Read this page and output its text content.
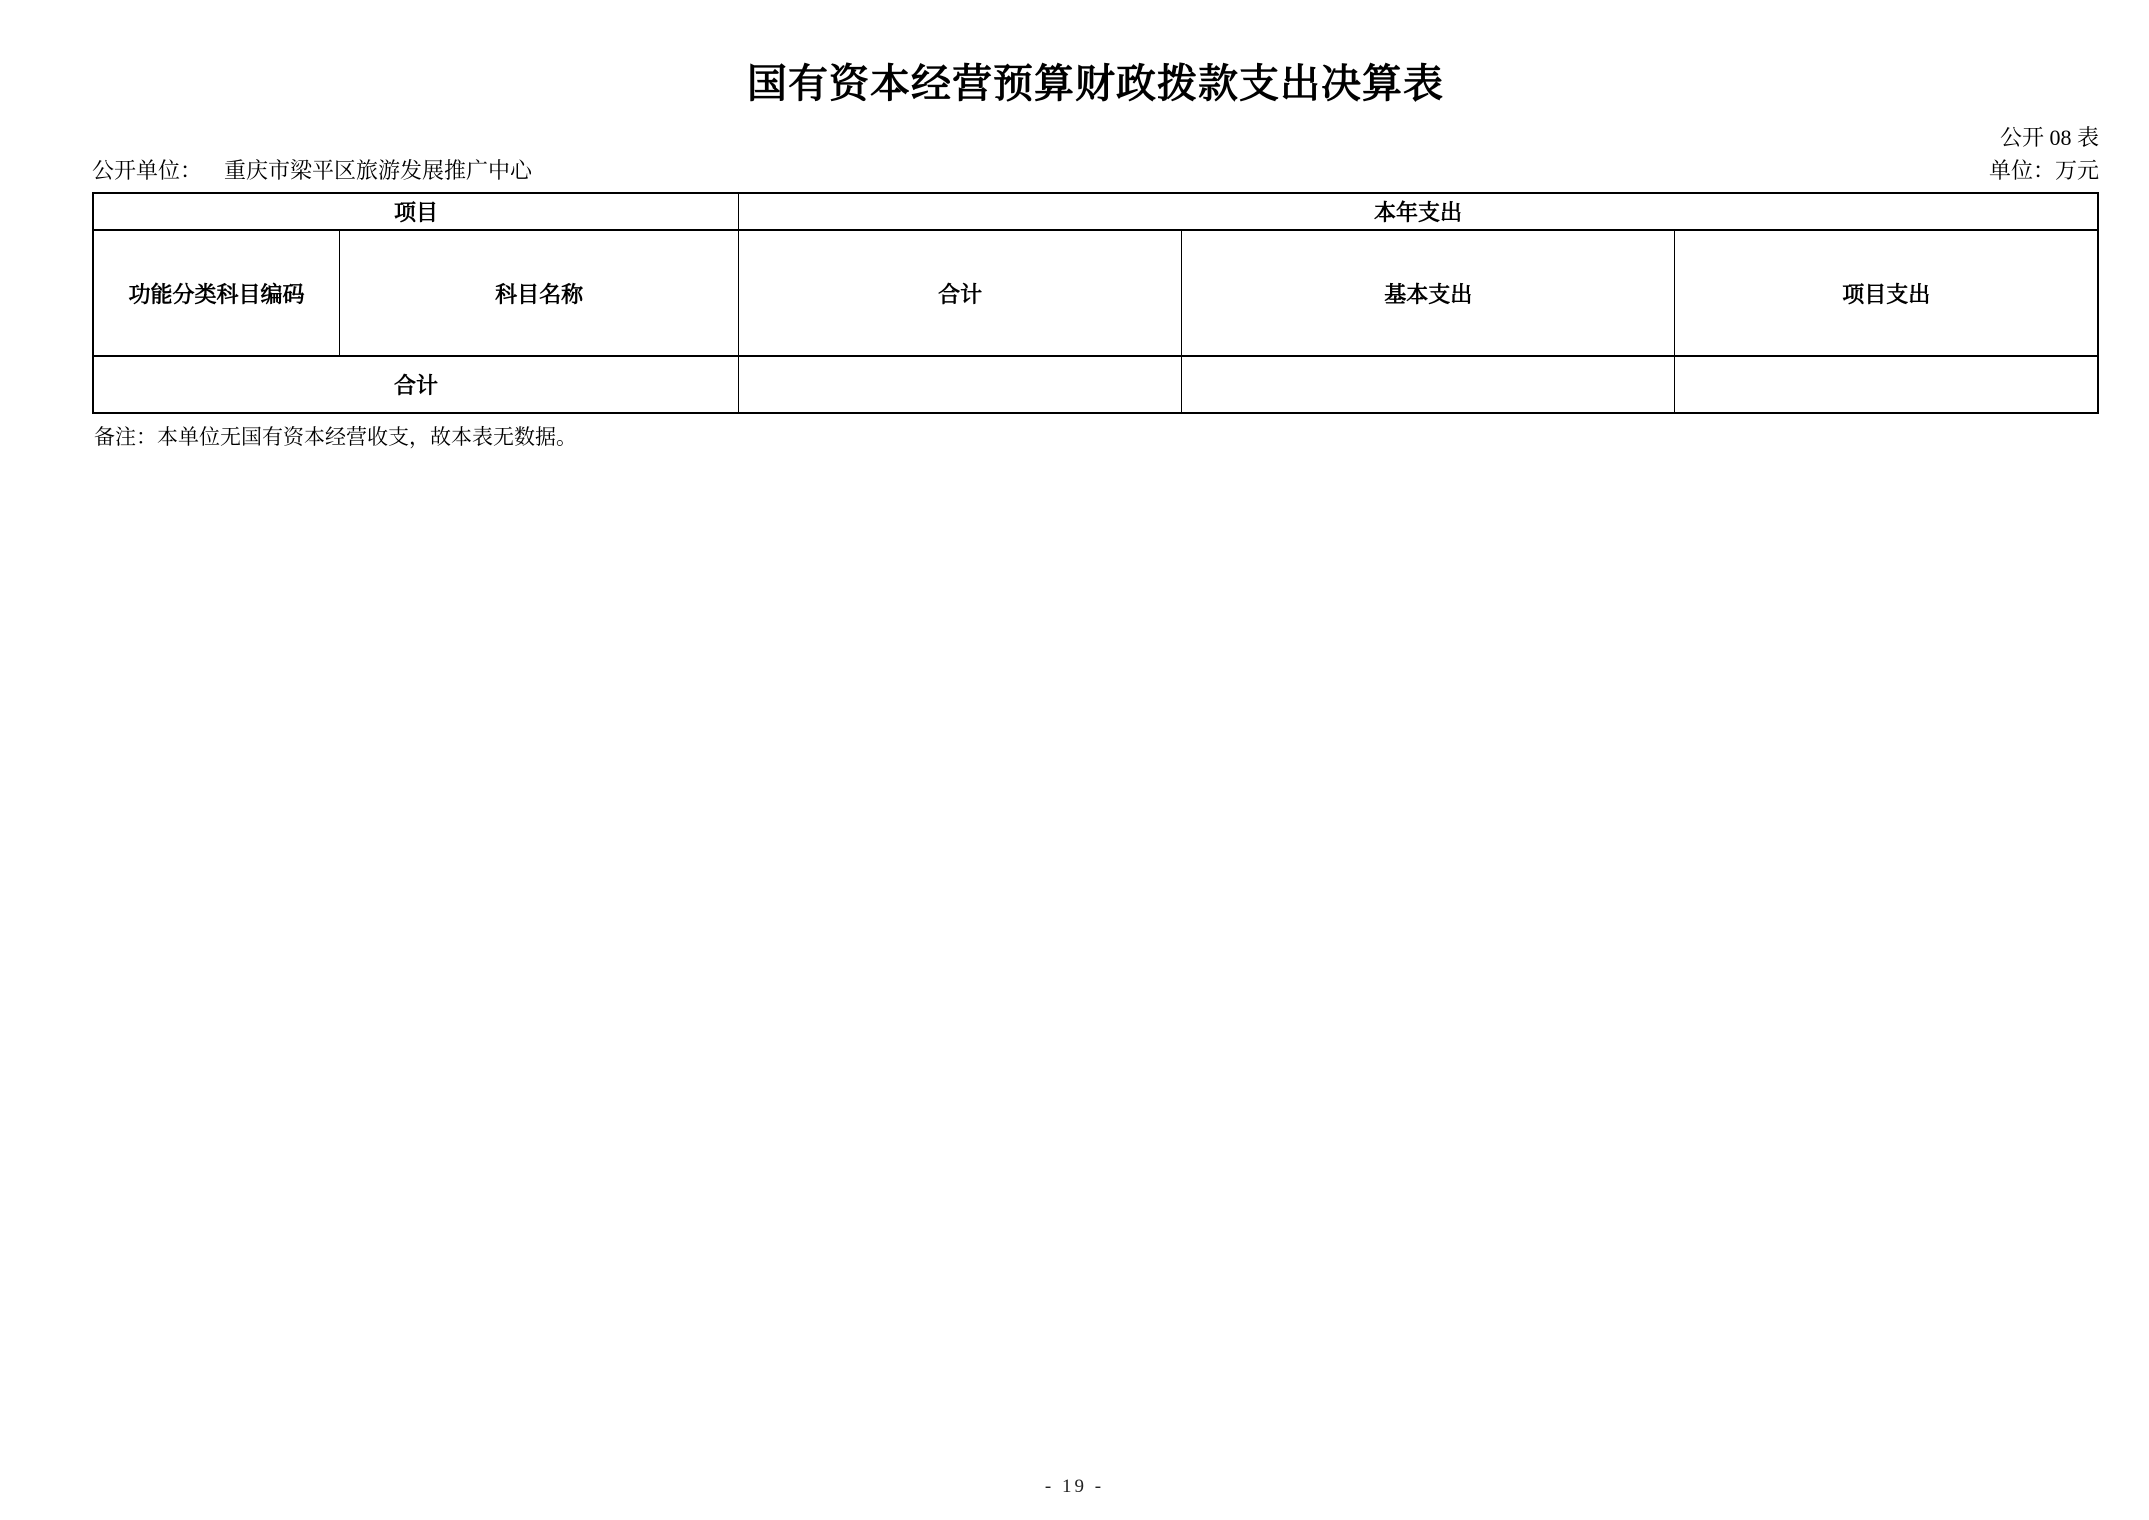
国有资本经营预算财政拨款支出决算表
公开 08 表
公开单位： 重庆市梁平区旅游发展推广中心	单位：万元
项目		本年支出		
功能分类科目编码	科目名称	合计	基本支出	项目支出
合计				

备注：本单位无国有资本经营收支，故本表无数据。

- 19 -
